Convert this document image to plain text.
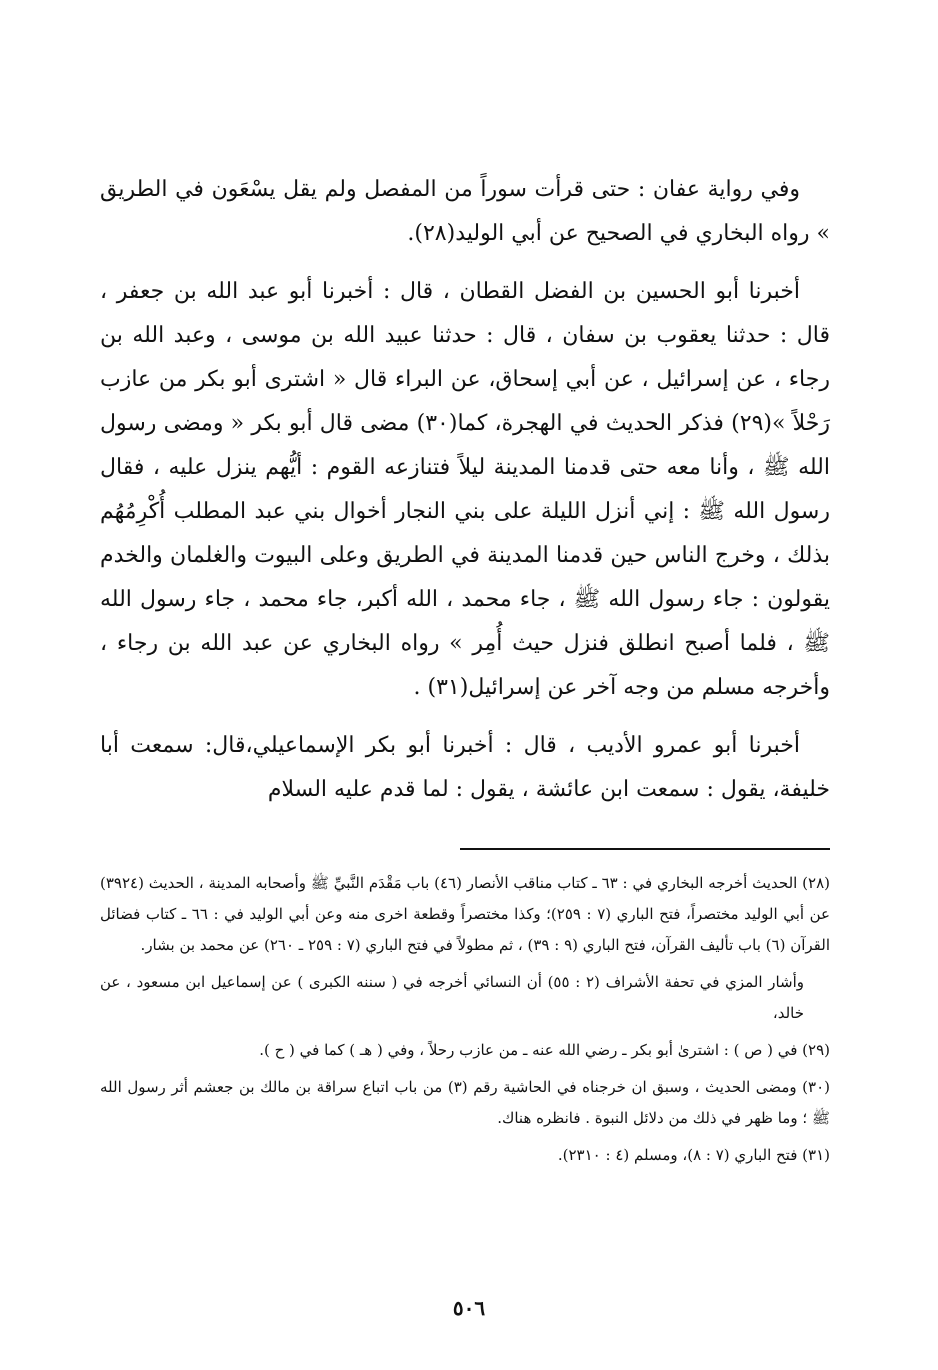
وفي رواية عفان : حتى قرأت سوراً من المفصل ولم يقل يسْعَون في الطريق » رواه البخاري في الصحيح عن أبي الوليد(٢٨).

أخبرنا أبو الحسين بن الفضل القطان ، قال : أخبرنا أبو عبد الله بن جعفر ، قال : حدثنا يعقوب بن سفان ، قال : حدثنا عبيد الله بن موسى ، وعبد الله بن رجاء ، عن إسرائيل ، عن أبي إسحاق، عن البراء قال « اشترى أبو بكر من عازب رَحْلاً »(٢٩) فذكر الحديث في الهجرة، كما(٣٠) مضى قال أبو بكر « ومضى رسول الله ﷺ ، وأنا معه حتى قدمنا المدينة ليلاً فتنازعه القوم : أيُّهم ينزل عليه ، فقال رسول الله ﷺ : إني أنزل الليلة على بني النجار أخوال بني عبد المطلب أُكْرِمُهُم بذلك ، وخرج الناس حين قدمنا المدينة في الطريق وعلى البيوت والغلمان والخدم يقولون : جاء رسول الله ﷺ ، جاء محمد ، الله أكبر، جاء محمد ، جاء رسول الله ﷺ ، فلما أصبح انطلق فنزل حيث أُمِر » رواه البخاري عن عبد الله بن رجاء ، وأخرجه مسلم من وجه آخر عن إسرائيل(٣١) .

أخبرنا أبو عمرو الأديب ، قال : أخبرنا أبو بكر الإسماعيلي،قال: سمعت أبا خليفة، يقول : سمعت ابن عائشة ، يقول : لما قدم عليه السلام

(٢٨) الحديث أخرجه البخاري في : ٦٣ ـ كتاب مناقب الأنصار (٤٦) باب مَقْدَم النَّبيِّ ﷺ وأصحابه المدينة ، الحديث (٣٩٢٤) عن أبي الوليد مختصراً، فتح الباري (٧ : ٢٥٩)؛ وكذا مختصراً وقطعة اخرى منه وعن أبي الوليد في : ٦٦ ـ كتاب فضائل القرآن (٦) باب تأليف القرآن، فتح الباري (٩ : ٣٩) ، ثم مطولاً في فتح الباري (٧ : ٢٥٩ ـ ٢٦٠) عن محمد بن بشار.

وأشار المزي في تحفة الأشراف (٢ : ٥٥) أن النسائي أخرجه في ( سننه الكبرى ) عن إسماعيل ابن مسعود ، عن خالد،

(٢٩) في ( ص ) : اشترىٰ أبو بكر ـ رضي الله عنه ـ من عازب رحلاً ، وفي ( هـ ) كما في ( ح ).

(٣٠) ومضى الحديث ، وسبق ان خرجناه في الحاشية رقم (٣) من باب اتباع سراقة بن مالك بن جعشم أثر رسول الله ﷺ ؛ وما ظهر في ذلك من دلائل النبوة . فانظره هناك.

(٣١) فتح الباري (٧ : ٨)، ومسلم (٤ : ٢٣١٠).

٥٠٦
